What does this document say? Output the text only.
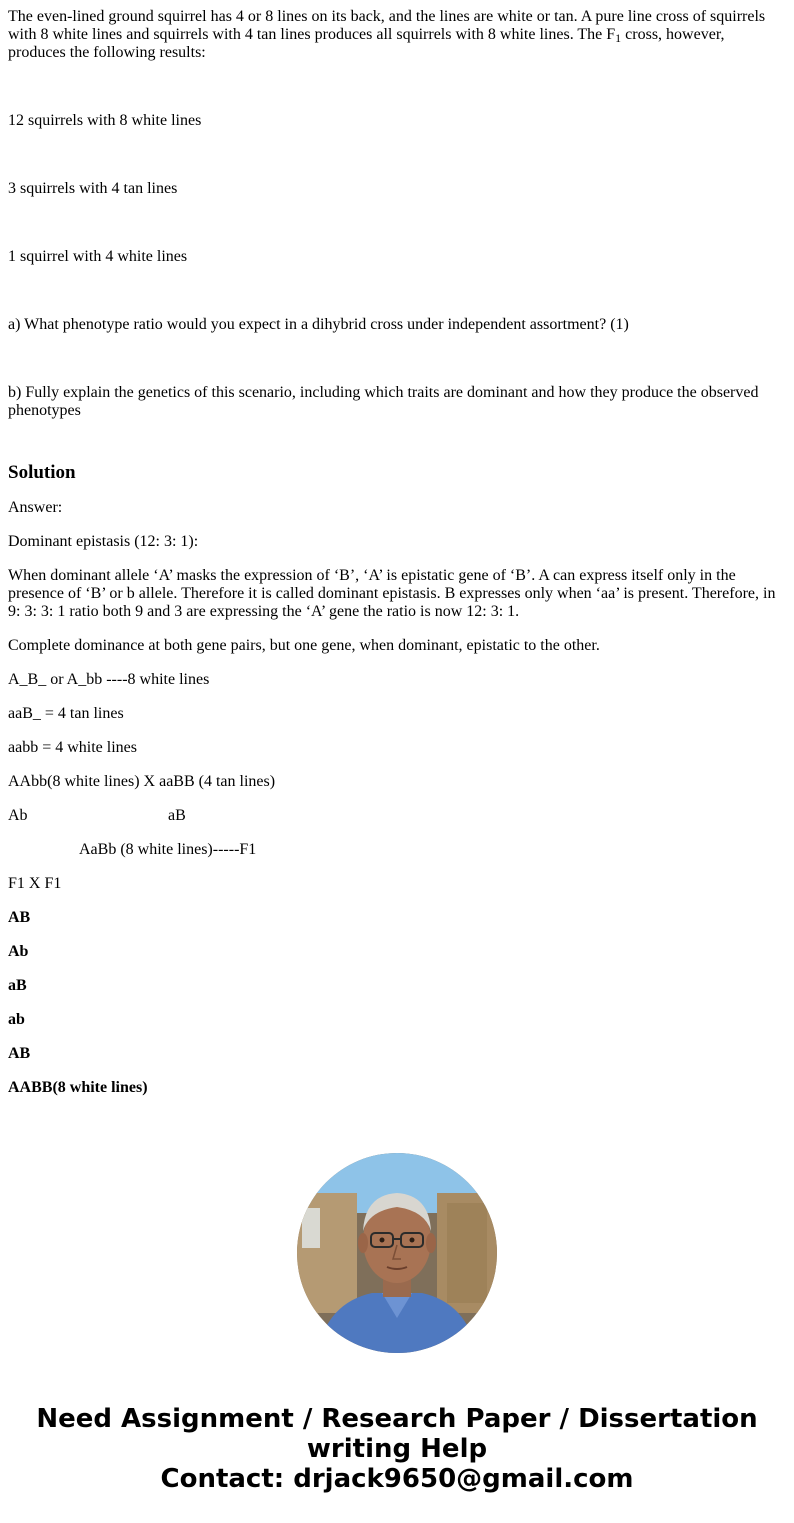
The even-lined ground squirrel has 4 or 8 lines on its back, and the lines are white or tan. A pure line cross of squirrels with 8 white lines and squirrels with 4 tan lines produces all squirrels with 8 white lines. The $F_1$ cross, however, produces the following results:

12 squirrels with 8 white lines

3 squirrels with 4 tan lines

1 squirrel with 4 white lines

a) What phenotype ratio would you expect in a dihybrid cross under independent assortment? (1)

b) Fully explain the genetics of this scenario, including which traits are dominant and how they produce the observed phenotypes

Solution

Answer:

Dominant epistasis (12: 3: 1):

When dominant allele ‘A’ masks the expression of ‘B’, ‘A’ is epistatic gene of ‘B’. A can express itself only in the presence of ‘B’ or b allele. Therefore it is called dominant epistasis. B expresses only when ‘aa’ is present. Therefore, in 9: 3: 3: 1 ratio both 9 and 3 are expressing the ‘A’ gene the ratio is now 12: 3: 1.

Complete dominance at both gene pairs, but one gene, when dominant, epistatic to the other.

A_B_ or A_bb ----8 white lines

aaB_ = 4 tan lines

aabb = 4 white lines

AAbb(8 white lines) X aaBB (4 tan lines)

Ab	aB

AaBb (8 white lines)-----F1

F1 X F1

AB

Ab

aB

ab

AB

AABB(8 white lines)

Need Assignment / Research Paper / Dissertation
writing Help
Contact: drjack9650@gmail.com
